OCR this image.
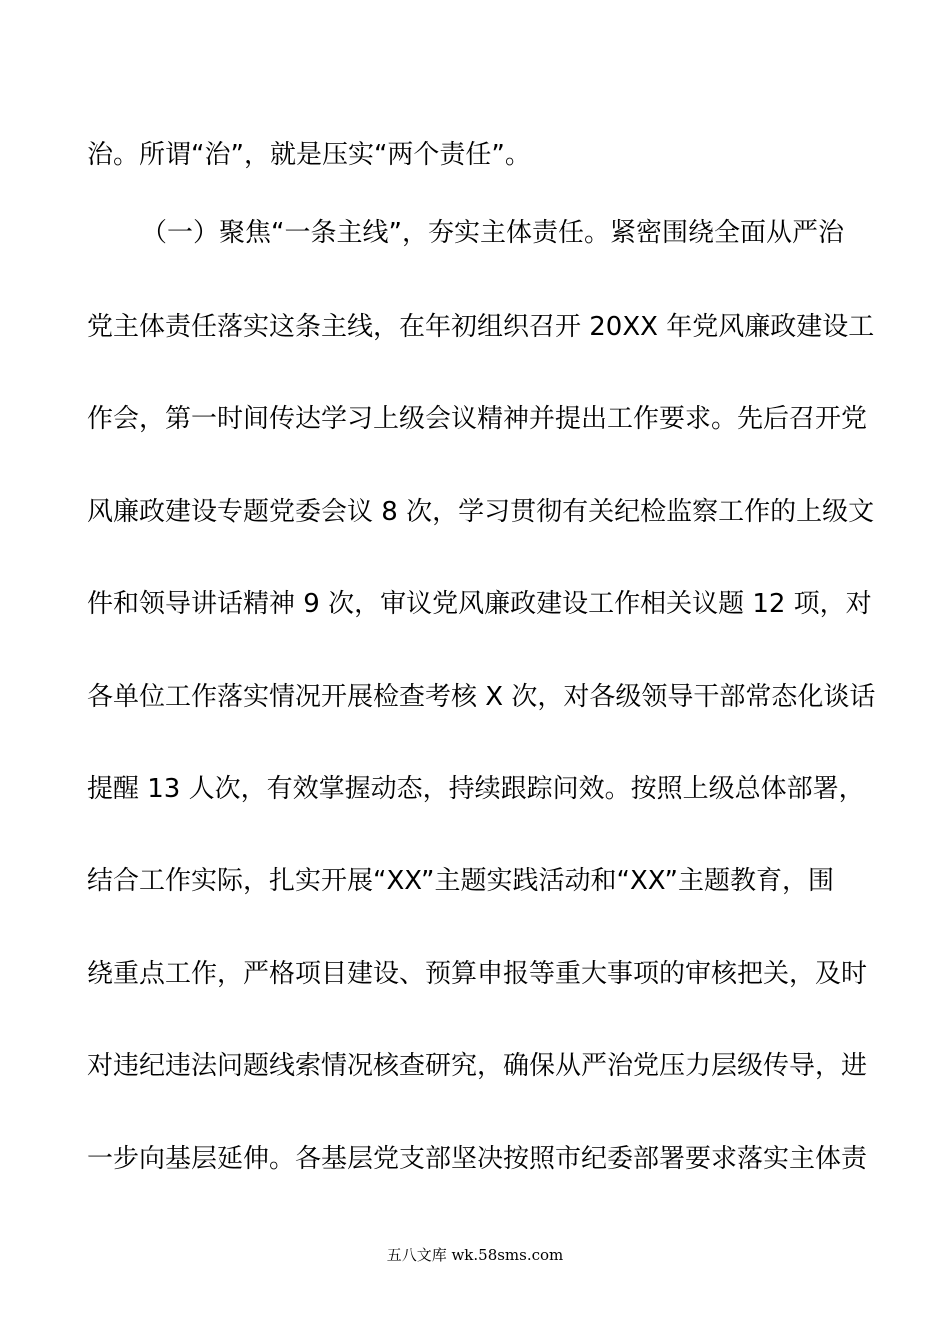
治。所谓“治”，就是压实“两个责任”。
（一）聚焦“一条主线”，夯实主体责任。紧密围绕全面从严治
党主体责任落实这条主线，在年初组织召开 20XX 年党风廉政建设工
作会，第一时间传达学习上级会议精神并提出工作要求。先后召开党
风廉政建设专题党委会议 8 次，学习贯彻有关纪检监察工作的上级文
件和领导讲话精神 9 次，审议党风廉政建设工作相关议题 12 项，对
各单位工作落实情况开展检查考核 X 次，对各级领导干部常态化谈话
提醒 13 人次，有效掌握动态，持续跟踪问效。按照上级总体部署，
结合工作实际，扎实开展“XX”主题实践活动和“XX”主题教育，围
绕重点工作，严格项目建设、预算申报等重大事项的审核把关，及时
对违纪违法问题线索情况核查研究，确保从严治党压力层级传导，进
一步向基层延伸。各基层党支部坚决按照市纪委部署要求落实主体责
五八文库 wk.58sms.com
